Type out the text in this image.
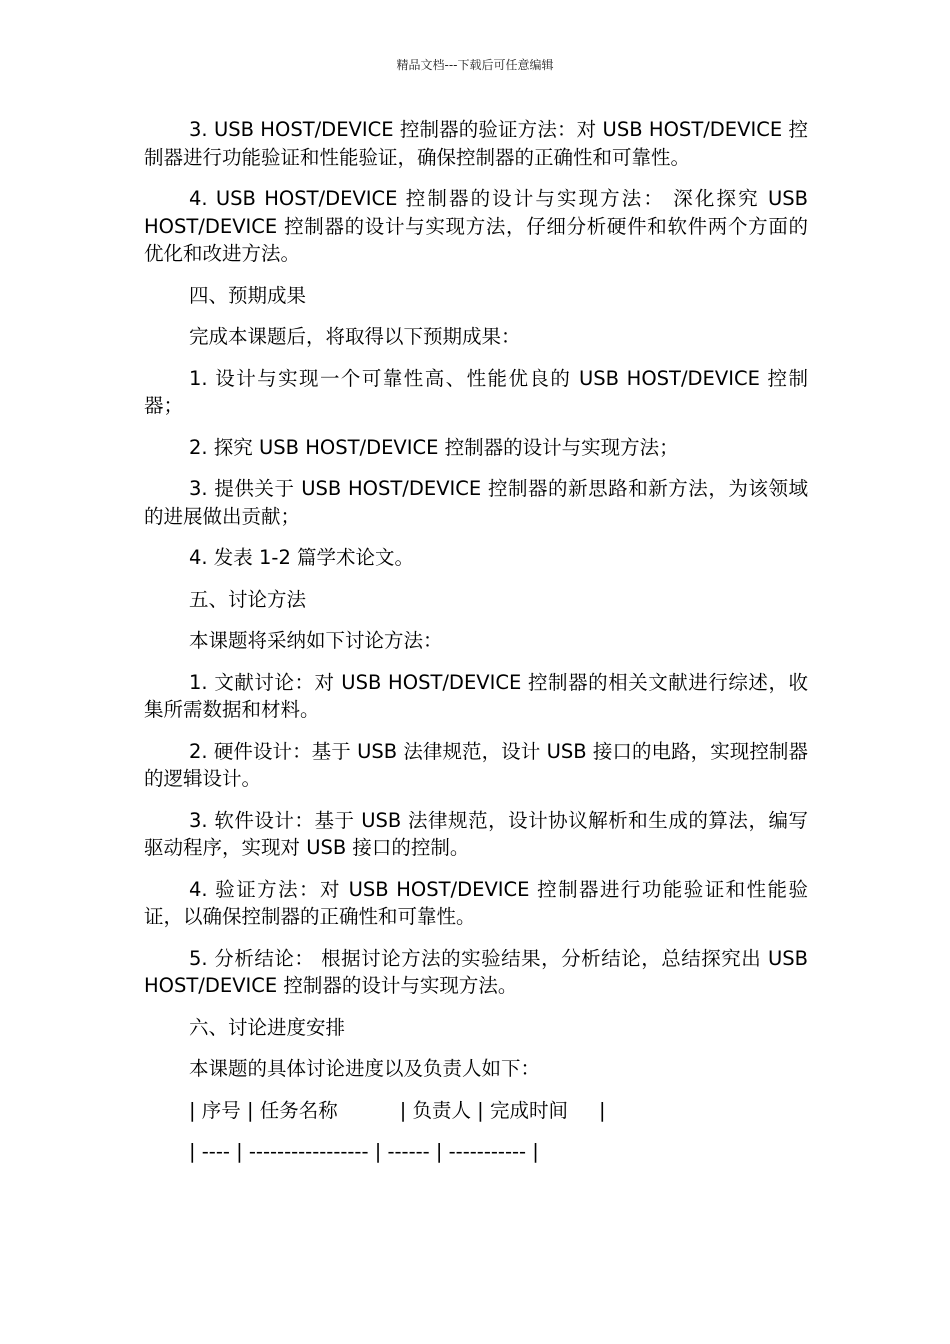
精品文档---下载后可任意编辑

3. USB HOST/DEVICE 控制器的验证方法：对 USB HOST/DEVICE 控制器进行功能验证和性能验证，确保控制器的正确性和可靠性。

4. USB HOST/DEVICE 控制器的设计与实现方法： 深化探究 USB HOST/DEVICE 控制器的设计与实现方法，仔细分析硬件和软件两个方面的优化和改进方法。

四、预期成果

完成本课题后，将取得以下预期成果：

1. 设计与实现一个可靠性高、性能优良的 USB HOST/DEVICE 控制器；

2. 探究 USB HOST/DEVICE 控制器的设计与实现方法；

3. 提供关于 USB HOST/DEVICE 控制器的新思路和新方法，为该领域的进展做出贡献；

4. 发表 1-2 篇学术论文。

五、讨论方法

本课题将采纳如下讨论方法：

1. 文献讨论：对 USB HOST/DEVICE 控制器的相关文献进行综述，收集所需数据和材料。

2. 硬件设计：基于 USB 法律规范，设计 USB 接口的电路，实现控制器的逻辑设计。

3. 软件设计：基于 USB 法律规范，设计协议解析和生成的算法，编写驱动程序，实现对 USB 接口的控制。

4. 验证方法：对 USB HOST/DEVICE 控制器进行功能验证和性能验证，以确保控制器的正确性和可靠性。

5. 分析结论： 根据讨论方法的实验结果，分析结论，总结探究出 USB HOST/DEVICE 控制器的设计与实现方法。

六、讨论进度安排

本课题的具体讨论进度以及负责人如下：

| 序号 | 任务名称          | 负责人 | 完成时间     |

| ---- | ----------------- | ------ | ----------- |
